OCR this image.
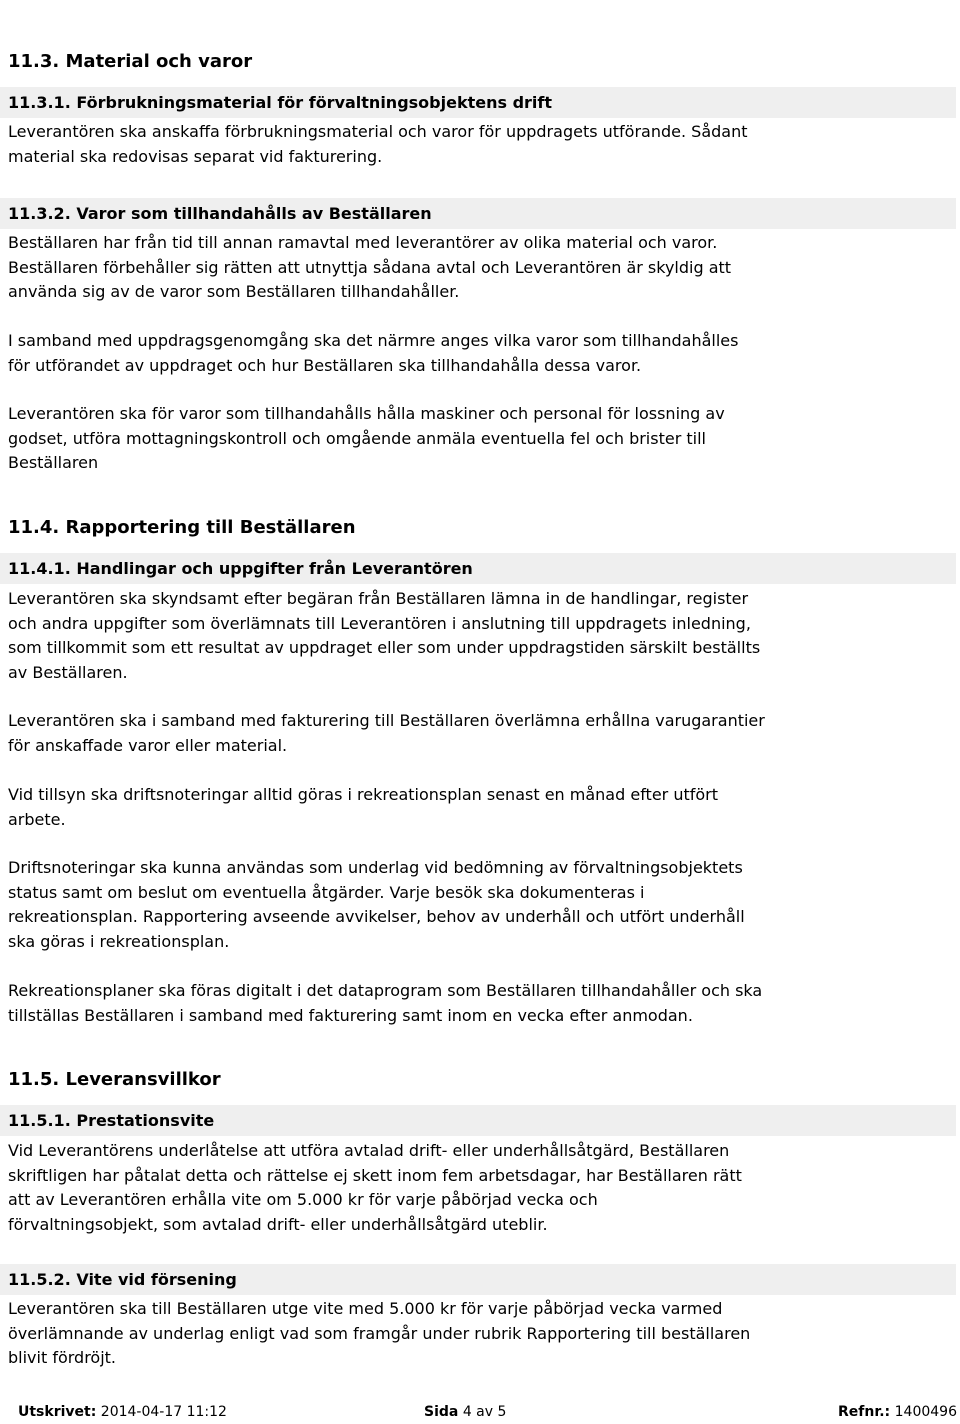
11.3. Material och varor
11.3.1. Förbrukningsmaterial för förvaltningsobjektens drift
Leverantören ska anskaffa förbrukningsmaterial och varor för uppdragets utförande. Sådant
material ska redovisas separat vid fakturering.
11.3.2. Varor som tillhandahålls av Beställaren
Beställaren har från tid till annan ramavtal med leverantörer av olika material och varor.
Beställaren förbehåller sig rätten att utnyttja sådana avtal och Leverantören är skyldig att
använda sig av de varor som Beställaren tillhandahåller.
I samband med uppdragsgenomgång ska det närmre anges vilka varor som tillhandahålles
för utförandet av uppdraget och hur Beställaren ska tillhandahålla dessa varor.
Leverantören ska för varor som tillhandahålls hålla maskiner och personal för lossning av
godset, utföra mottagningskontroll och omgående anmäla eventuella fel och brister till
Beställaren
11.4. Rapportering till Beställaren
11.4.1. Handlingar och uppgifter från Leverantören
Leverantören ska skyndsamt efter begäran från Beställaren lämna in de handlingar, register
och andra uppgifter som överlämnats till Leverantören i anslutning till uppdragets inledning,
som tillkommit som ett resultat av uppdraget eller som under uppdragstiden särskilt beställts
av Beställaren.
Leverantören ska i samband med fakturering till Beställaren överlämna erhållna varugarantier
för anskaffade varor eller material.
Vid tillsyn ska driftsnoteringar alltid göras i rekreationsplan senast en månad efter utfört
arbete.
Driftsnoteringar ska kunna användas som underlag vid bedömning av förvaltningsobjektets
status samt om beslut om eventuella åtgärder. Varje besök ska dokumenteras i
rekreationsplan. Rapportering avseende avvikelser, behov av underhåll och utfört underhåll
ska göras i rekreationsplan.
Rekreationsplaner ska föras digitalt i det dataprogram som Beställaren tillhandahåller och ska
tillställas Beställaren i samband med fakturering samt inom en vecka efter anmodan.
11.5. Leveransvillkor
11.5.1. Prestationsvite
Vid Leverantörens underlåtelse att utföra avtalad drift- eller underhållsåtgärd, Beställaren
skriftligen har påtalat detta och rättelse ej skett inom fem arbetsdagar, har Beställaren rätt
att av Leverantören erhålla vite om 5.000 kr för varje påbörjad vecka och
förvaltningsobjekt, som avtalad drift- eller underhållsåtgärd uteblir.
11.5.2. Vite vid försening
Leverantören ska till Beställaren utge vite med 5.000 kr för varje påbörjad vecka varmed
överlämnande av underlag enligt vad som framgår under rubrik Rapportering till beställaren
blivit fördröjt.
Utskrivet: 2014-04-17 11:12	Sida 4 av 5	Refnr.: 1400496
